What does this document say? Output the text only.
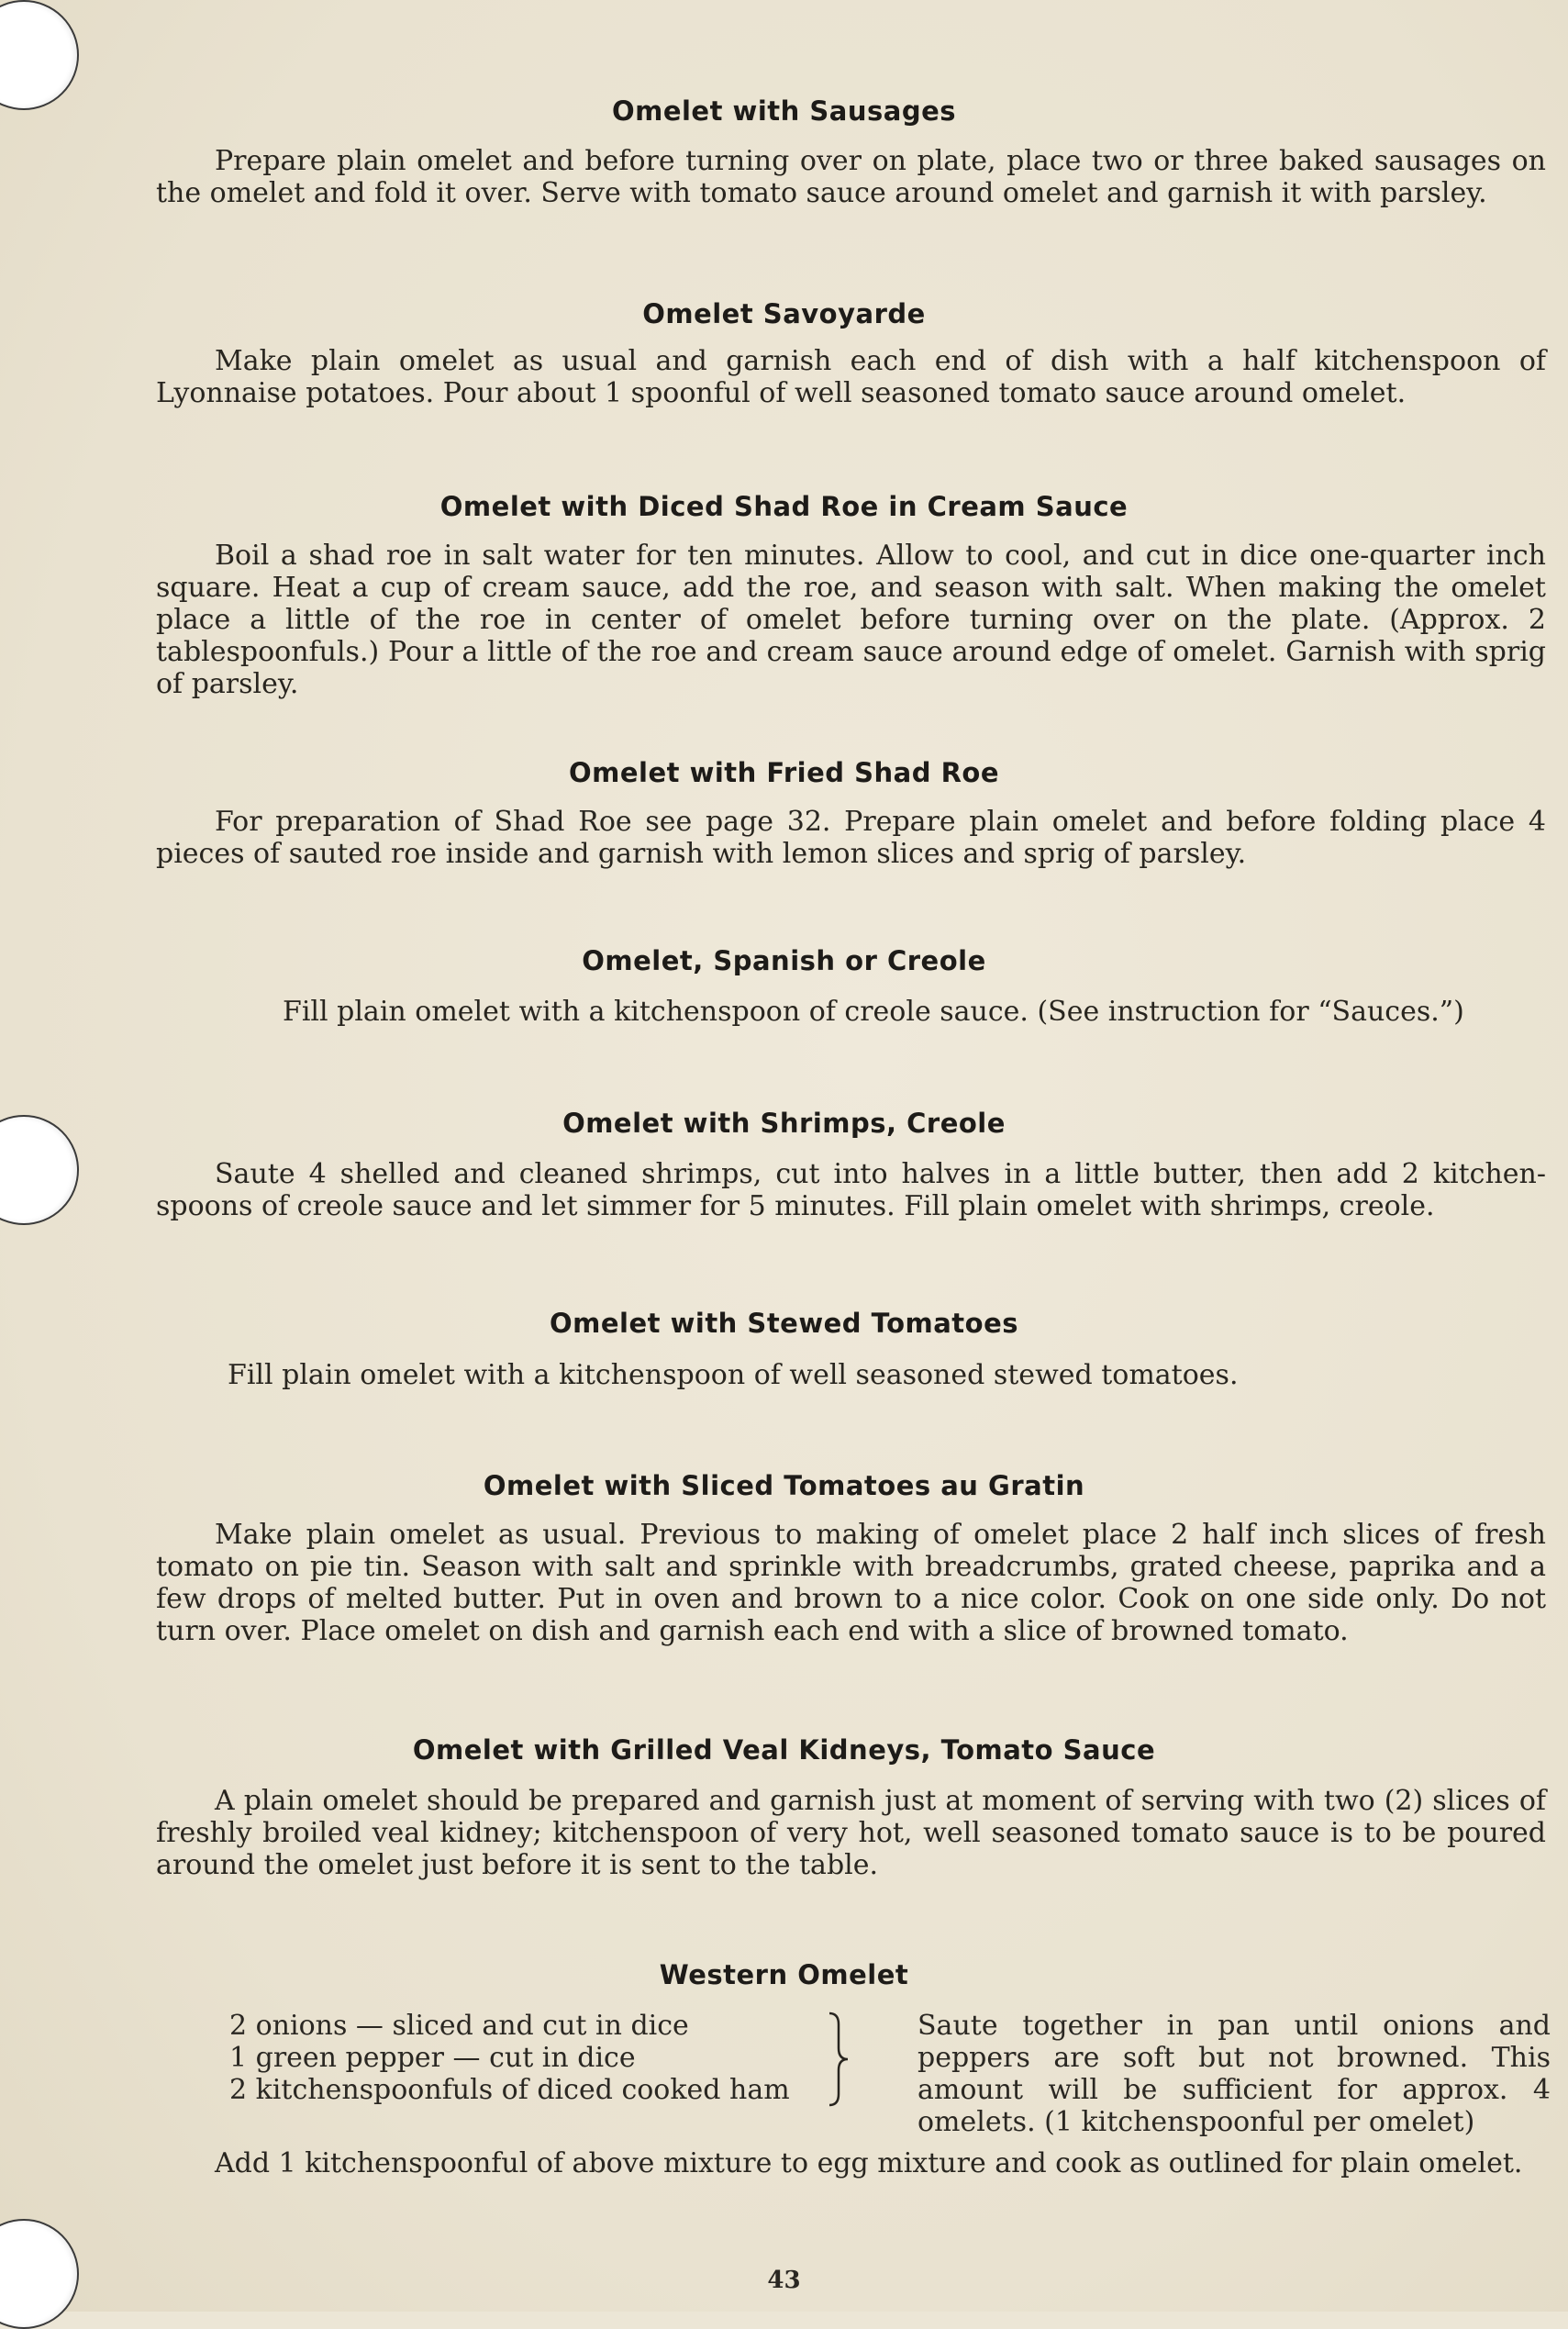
Omelet with Sausages
Prepare plain omelet and before turning over on plate, place two or three baked sausages on the omelet and fold it over. Serve with tomato sauce around omelet and garnish it with parsley.
Omelet Savoyarde
Make plain omelet as usual and garnish each end of dish with a half kitchenspoon of Lyonnaise potatoes. Pour about 1 spoonful of well seasoned tomato sauce around omelet.
Omelet with Diced Shad Roe in Cream Sauce
Boil a shad roe in salt water for ten minutes. Allow to cool, and cut in dice one-quarter inch square. Heat a cup of cream sauce, add the roe, and season with salt. When making the omelet place a little of the roe in center of omelet before turning over on the plate. (Approx. 2 tablespoonfuls.) Pour a little of the roe and cream sauce around edge of omelet. Garnish with sprig of parsley.
Omelet with Fried Shad Roe
For preparation of Shad Roe see page 32. Prepare plain omelet and before folding place 4 pieces of sauted roe inside and garnish with lemon slices and sprig of parsley.
Omelet, Spanish or Creole
Fill plain omelet with a kitchenspoon of creole sauce. (See instruction for “Sauces.”)
Omelet with Shrimps, Creole
Saute 4 shelled and cleaned shrimps, cut into halves in a little butter, then add 2 kitchen-spoons of creole sauce and let simmer for 5 minutes. Fill plain omelet with shrimps, creole.
Omelet with Stewed Tomatoes
Fill plain omelet with a kitchenspoon of well seasoned stewed tomatoes.
Omelet with Sliced Tomatoes au Gratin
Make plain omelet as usual. Previous to making of omelet place 2 half inch slices of fresh tomato on pie tin. Season with salt and sprinkle with breadcrumbs, grated cheese, paprika and a few drops of melted butter. Put in oven and brown to a nice color. Cook on one side only. Do not turn over. Place omelet on dish and garnish each end with a slice of browned tomato.
Omelet with Grilled Veal Kidneys, Tomato Sauce
A plain omelet should be prepared and garnish just at moment of serving with two (2) slices of freshly broiled veal kidney; kitchenspoon of very hot, well seasoned tomato sauce is to be poured around the omelet just before it is sent to the table.
Western Omelet
2 onions — sliced and cut in dice
1 green pepper — cut in dice
2 kitchenspoonfuls of diced cooked ham
Saute together in pan until onions and peppers are soft but not browned. This amount will be sufficient for approx. 4 omelets. (1 kitchenspoonful per omelet)
Add 1 kitchenspoonful of above mixture to egg mixture and cook as outlined for plain omelet.
43
